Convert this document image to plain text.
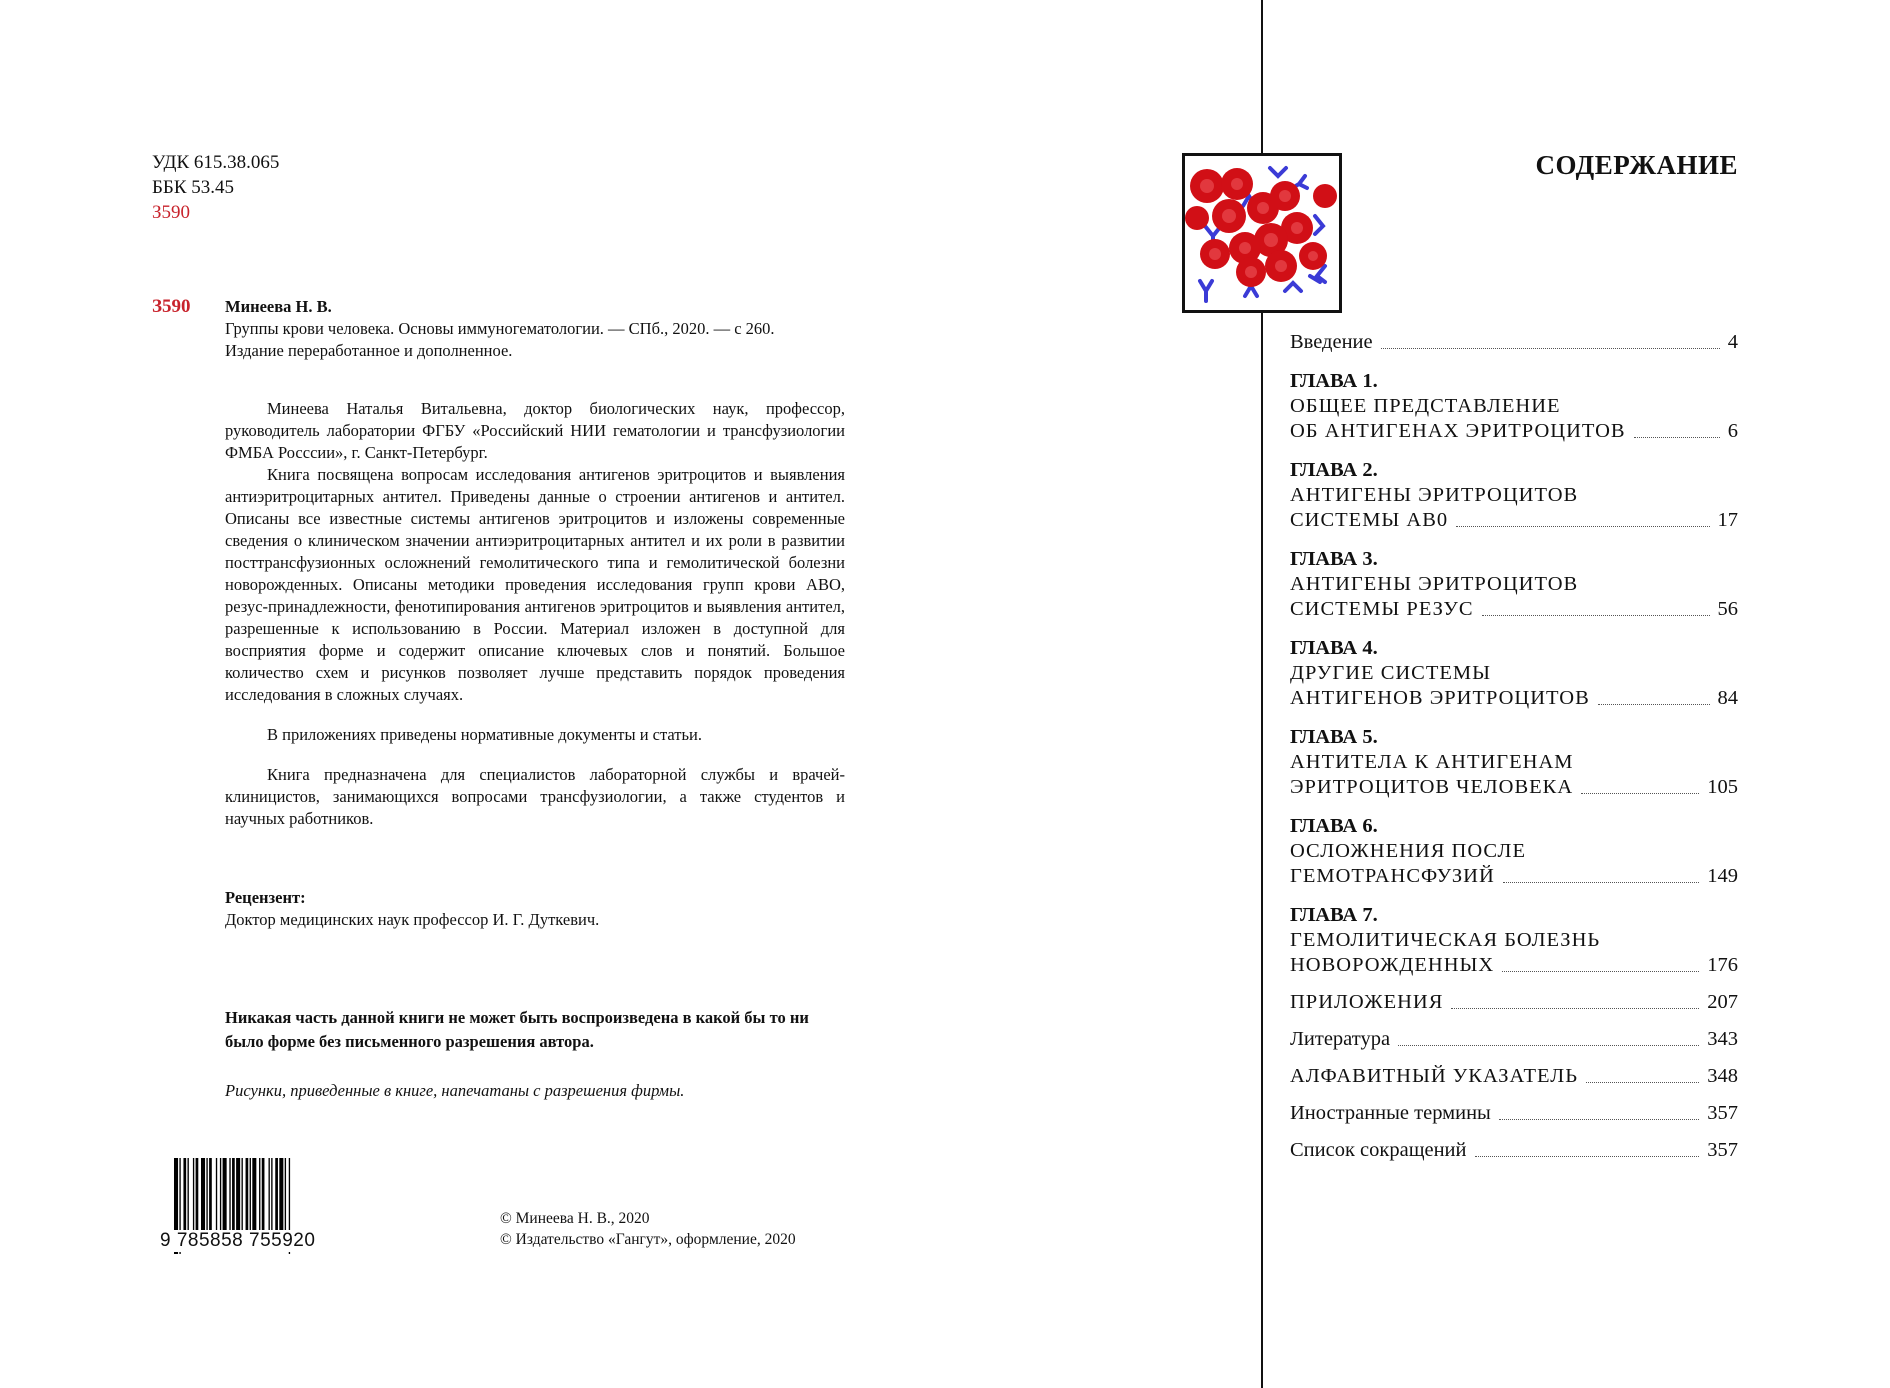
УДК 615.38.065
ББК 53.45
З590
З590 Минеева Н. В.
Группы крови человека. Основы иммуногематологии. — СПб., 2020. — с 260.
Издание переработанное и дополненное.

Минеева Наталья Витальевна, доктор биологических наук, профессор, руководитель лаборатории ФГБУ «Российский НИИ гематологии и трансфузиологии ФМБА Росссии», г. Санкт-Петербург.

Книга посвящена вопросам исследования антигенов эритроцитов и выявления антиэритроцитарных антител. Приведены данные о строении антигенов и антител. Описаны все известные системы антигенов эритроцитов и изложены современные сведения о клиническом значении антиэритроцитарных антител и их роли в развитии посттрансфузионных осложнений гемолитического типа и гемолитической болезни новорожденных. Описаны методики проведения исследования групп крови АВО, резус-принадлежности, фенотипирования антигенов эритроцитов и выявления антител, разрешенные к использованию в России. Материал изложен в доступной для восприятия форме и содержит описание ключевых слов и понятий. Большое количество схем и рисунков позволяет лучше представить порядок проведения исследования в сложных случаях.

В приложениях приведены нормативные документы и статьи.

Книга предназначена для специалистов лабораторной службы и врачей-клиницистов, занимающихся вопросами трансфузиологии, а также студентов и научных работников.

Рецензент:
Доктор медицинских наук профессор И. Г. Дуткевич.
Никакая часть данной книги не может быть воспроизведена в какой бы то ни было форме без письменного разрешения автора.
Рисунки, приведенные в книге, напечатаны с разрешения фирмы.
9 785858 755920
© Минеева Н. В., 2020
© Издательство «Гангут», оформление, 2020
СОДЕРЖАНИЕ
Введение	4
ГЛАВА 1.
ОБЩЕЕ ПРЕДСТАВЛЕНИЕ
ОБ АНТИГЕНАХ ЭРИТРОЦИТОВ	6
ГЛАВА 2.
АНТИГЕНЫ ЭРИТРОЦИТОВ
СИСТЕМЫ АВ0	17
ГЛАВА 3.
АНТИГЕНЫ ЭРИТРОЦИТОВ
СИСТЕМЫ РЕЗУС	56
ГЛАВА 4.
ДРУГИЕ СИСТЕМЫ
АНТИГЕНОВ ЭРИТРОЦИТОВ	84
ГЛАВА 5.
АНТИТЕЛА К АНТИГЕНАМ
ЭРИТРОЦИТОВ ЧЕЛОВЕКА	105
ГЛАВА 6.
ОСЛОЖНЕНИЯ ПОСЛЕ
ГЕМОТРАНСФУЗИЙ	149
ГЛАВА 7.
ГЕМОЛИТИЧЕСКАЯ БОЛЕЗНЬ
НОВОРОЖДЕННЫХ	176
ПРИЛОЖЕНИЯ	207
Литература	343
АЛФАВИТНЫЙ УКАЗАТЕЛЬ	348
Иностранные термины	357
Список сокращений	357
